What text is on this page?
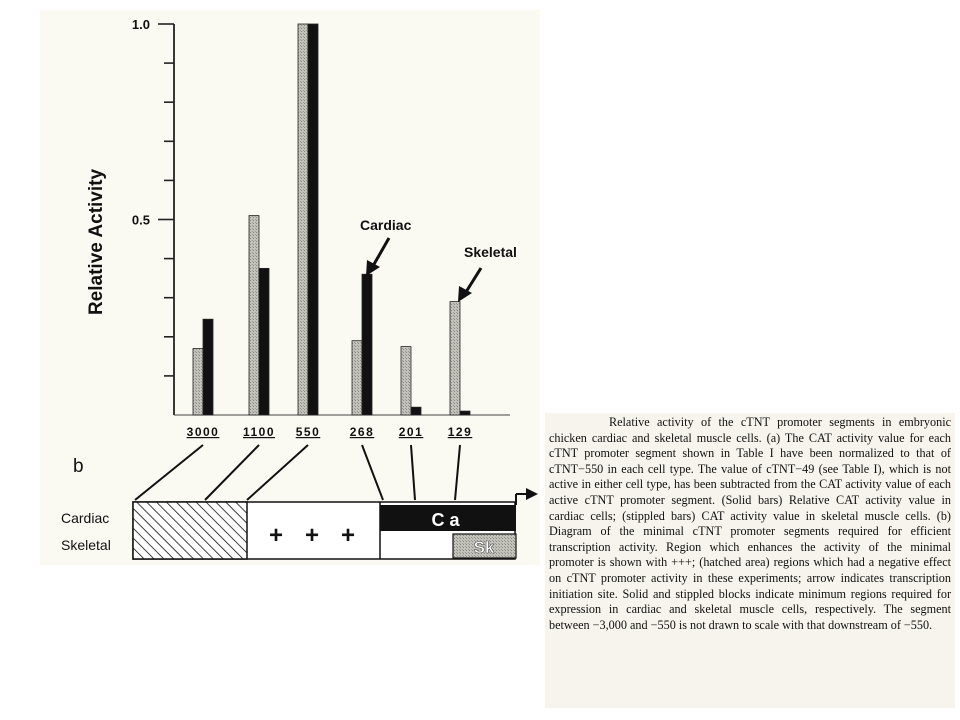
Relative Activity 0.5
1.0
3000 1100 550 268 201 129
Cardiac
Skeletal
b
Cardiac
Skeletal	+ + +
Ca
Sk

Relative activity of the cTNT promoter segments in embryonic chicken cardiac and skeletal muscle cells. (a) The CAT activity value for each cTNT promoter segment shown in Table I have been normalized to that of cTNT−550 in each cell type. The value of cTNT−49 (see Table I), which is not active in either cell type, has been subtracted from the CAT activity value of each active cTNT promoter segment. (Solid bars) Relative CAT activity value in cardiac cells; (stippled bars) CAT activity value in skeletal muscle cells. (b) Diagram of the minimal cTNT promoter segments required for efficient transcription activity. Region which enhances the activity of the minimal promoter is shown with +++; (hatched area) regions which had a negative effect on cTNT promoter activity in these experiments; arrow indicates transcription initiation site. Solid and stippled blocks indicate minimum regions required for expression in cardiac and skeletal muscle cells, respectively. The segment between −3,000 and −550 is not drawn to scale with that downstream of −550.
